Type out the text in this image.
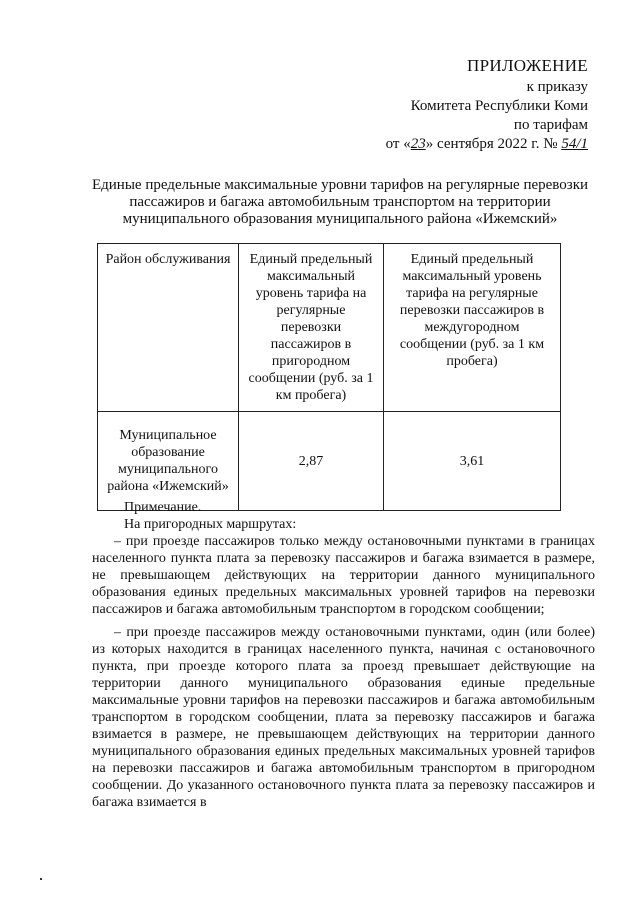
ПРИЛОЖЕНИЕ
к приказу
Комитета Республики Коми
по тарифам
от «23» сентября 2022 г. № 54/1
Единые предельные максимальные уровни тарифов на регулярные перевозки пассажиров и багажа автомобильным транспортом на территории муниципального образования муниципального района «Ижемский»
Район обслуживания	Единый предельный максимальный уровень тарифа на регулярные перевозки пассажиров в пригородном сообщении (руб. за 1 км пробега)	Единый предельный максимальный уровень тарифа на регулярные перевозки пассажиров в междугородном сообщении (руб. за 1 км пробега)
Муниципальное образование муниципального района «Ижемский»	2,87	3,61

Примечание.

На пригородных маршрутах:

– при проезде пассажиров только между остановочными пунктами в границах населенного пункта плата за перевозку пассажиров и багажа взимается в размере, не превышающем действующих на территории данного муниципального образования единых предельных максимальных уровней тарифов на перевозки пассажиров и багажа автомобильным транспортом в городском сообщении;

– при проезде пассажиров между остановочными пунктами, один (или более) из которых находится в границах населенного пункта, начиная с остановочного пункта, при проезде которого плата за проезд превышает действующие на территории данного муниципального образования единые предельные максимальные уровни тарифов на перевозки пассажиров и багажа автомобильным транспортом в городском сообщении, плата за перевозку пассажиров и багажа взимается в размере, не превышающем действующих на территории данного муниципального образования единых предельных максимальных уровней тарифов на перевозки пассажиров и багажа автомобильным транспортом в пригородном сообщении. До указанного остановочного пункта плата за перевозку пассажиров и багажа взимается в
